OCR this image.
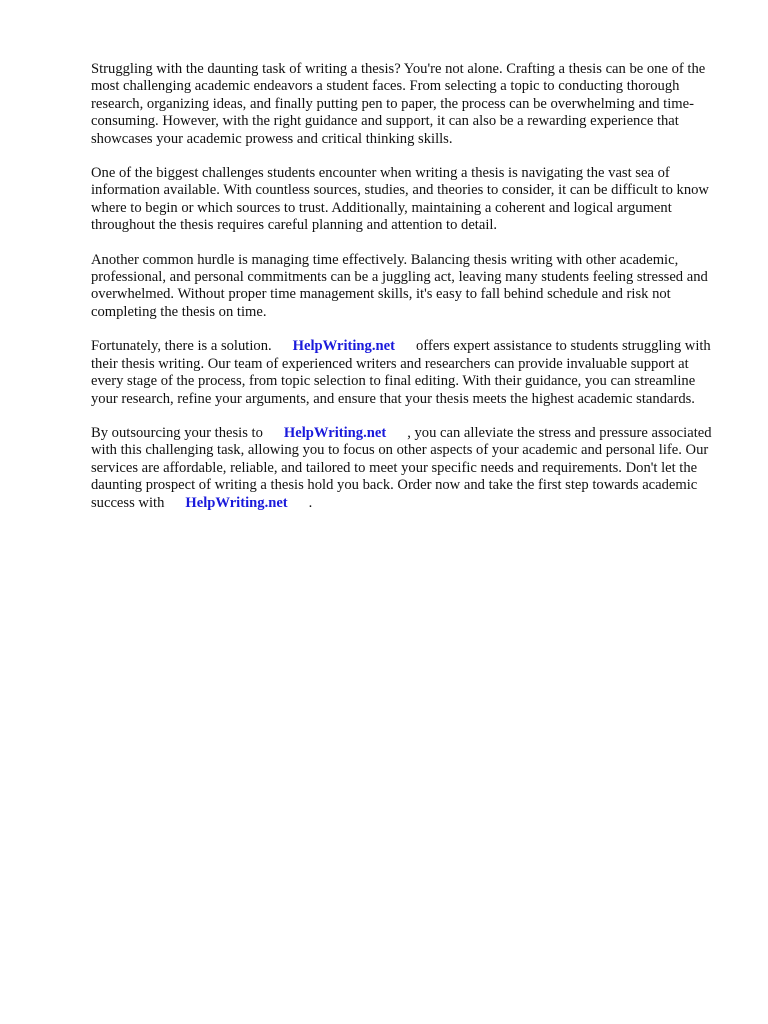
Struggling with the daunting task of writing a thesis? You're not alone. Crafting a thesis can be one of the most challenging academic endeavors a student faces. From selecting a topic to conducting thorough research, organizing ideas, and finally putting pen to paper, the process can be overwhelming and time-consuming. However, with the right guidance and support, it can also be a rewarding experience that showcases your academic prowess and critical thinking skills.

One of the biggest challenges students encounter when writing a thesis is navigating the vast sea of information available. With countless sources, studies, and theories to consider, it can be difficult to know where to begin or which sources to trust. Additionally, maintaining a coherent and logical argument throughout the thesis requires careful planning and attention to detail.

Another common hurdle is managing time effectively. Balancing thesis writing with other academic, professional, and personal commitments can be a juggling act, leaving many students feeling stressed and overwhelmed. Without proper time management skills, it's easy to fall behind schedule and risk not completing the thesis on time.

Fortunately, there is a solution. HelpWriting.net offers expert assistance to students struggling with their thesis writing. Our team of experienced writers and researchers can provide invaluable support at every stage of the process, from topic selection to final editing. With their guidance, you can streamline your research, refine your arguments, and ensure that your thesis meets the highest academic standards.

By outsourcing your thesis to HelpWriting.net , you can alleviate the stress and pressure associated with this challenging task, allowing you to focus on other aspects of your academic and personal life. Our services are affordable, reliable, and tailored to meet your specific needs and requirements. Don't let the daunting prospect of writing a thesis hold you back. Order now and take the first step towards academic success with HelpWriting.net .
